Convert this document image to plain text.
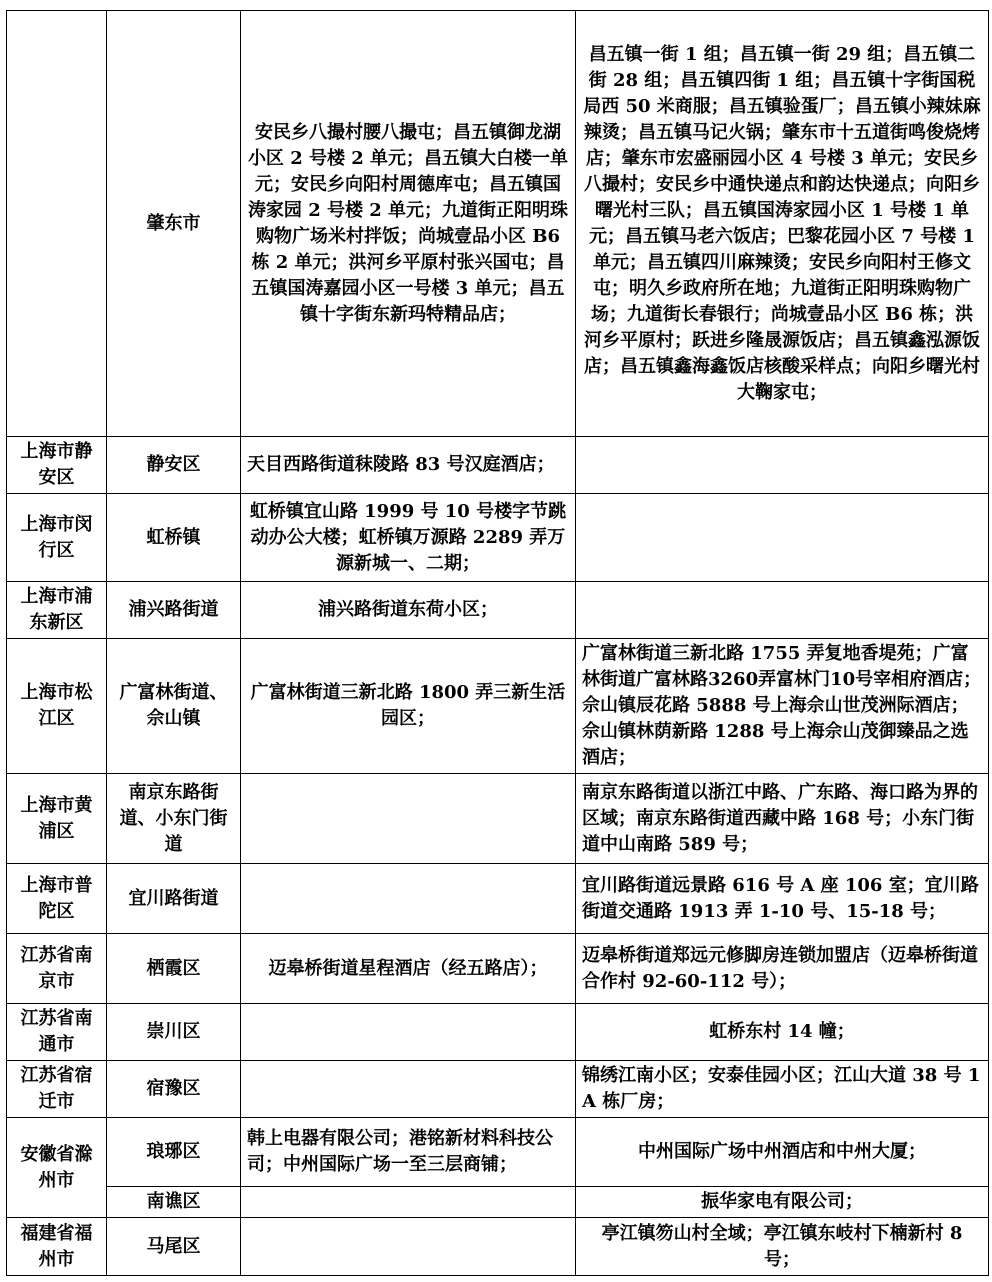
	肇东市	安民乡八撮村腰八撮屯；昌五镇御龙湖小区 2 号楼 2 单元；昌五镇大白楼一单元；安民乡向阳村周德库屯；昌五镇国涛家园 2 号楼 2 单元；九道街正阳明珠购物广场米村拌饭；尚城壹品小区 B6 栋 2 单元；洪河乡平原村张兴国屯；昌五镇国涛嘉园小区一号楼 3 单元；昌五镇十字街东新玛特精品店；	昌五镇一街 1 组；昌五镇一街 29 组；昌五镇二街 28 组；昌五镇四街 1 组；昌五镇十字街国税局西 50 米商服；昌五镇验蛋厂；昌五镇小辣妹麻辣烫；昌五镇马记火锅；肇东市十五道街鸣俊烧烤店；肇东市宏盛丽园小区 4 号楼 3 单元；安民乡八撮村；安民乡中通快递点和韵达快递点；向阳乡曙光村三队；昌五镇国涛家园小区 1 号楼 1 单元；昌五镇马老六饭店；巴黎花园小区 7 号楼 1 单元；昌五镇四川麻辣烫；安民乡向阳村王修文屯；明久乡政府所在地；九道街正阳明珠购物广场；九道街长春银行；尚城壹品小区 B6 栋；洪河乡平原村；跃进乡隆晟源饭店；昌五镇鑫泓源饭店；昌五镇鑫海鑫饭店核酸采样点；向阳乡曙光村大鞠家屯；
上海市静安区	静安区	天目西路街道秣陵路 83 号汉庭酒店；	
上海市闵行区	虹桥镇	虹桥镇宜山路 1999 号 10 号楼字节跳动办公大楼；虹桥镇万源路 2289 弄万源新城一、二期；	
上海市浦东新区	浦兴路街道	浦兴路街道东荷小区；	
上海市松江区	广富林街道、佘山镇	广富林街道三新北路 1800 弄三新生活园区；	广富林街道三新北路 1755 弄复地香堤苑；广富林街道广富林路3260弄富林门10号宰相府酒店；佘山镇辰花路 5888 号上海佘山世茂洲际酒店；佘山镇林荫新路 1288 号上海佘山茂御臻品之选酒店；
上海市黄浦区	南京东路街道、小东门街道		南京东路街道以浙江中路、广东路、海口路为界的区域；南京东路街道西藏中路 168 号；小东门街道中山南路 589 号；
上海市普陀区	宜川路街道		宜川路街道远景路 616 号 A 座 106 室；宜川路街道交通路 1913 弄 1-10 号、15-18 号；
江苏省南京市	栖霞区	迈皋桥街道星程酒店（经五路店）；	迈皋桥街道郑远元修脚房连锁加盟店（迈皋桥街道合作村 92-60-112 号）；
江苏省南通市	崇川区		虹桥东村 14 幢；
江苏省宿迁市	宿豫区		锦绣江南小区；安泰佳园小区；江山大道 38 号 1A 栋厂房；
安徽省滁州市	琅琊区	韩上电器有限公司；港铭新材料科技公司；中州国际广场一至三层商铺；	中州国际广场中州酒店和中州大厦；
	南谯区		振华家电有限公司；
福建省福州市	马尾区		亭江镇笏山村全域；亭江镇东岐村下楠新村 8 号；
